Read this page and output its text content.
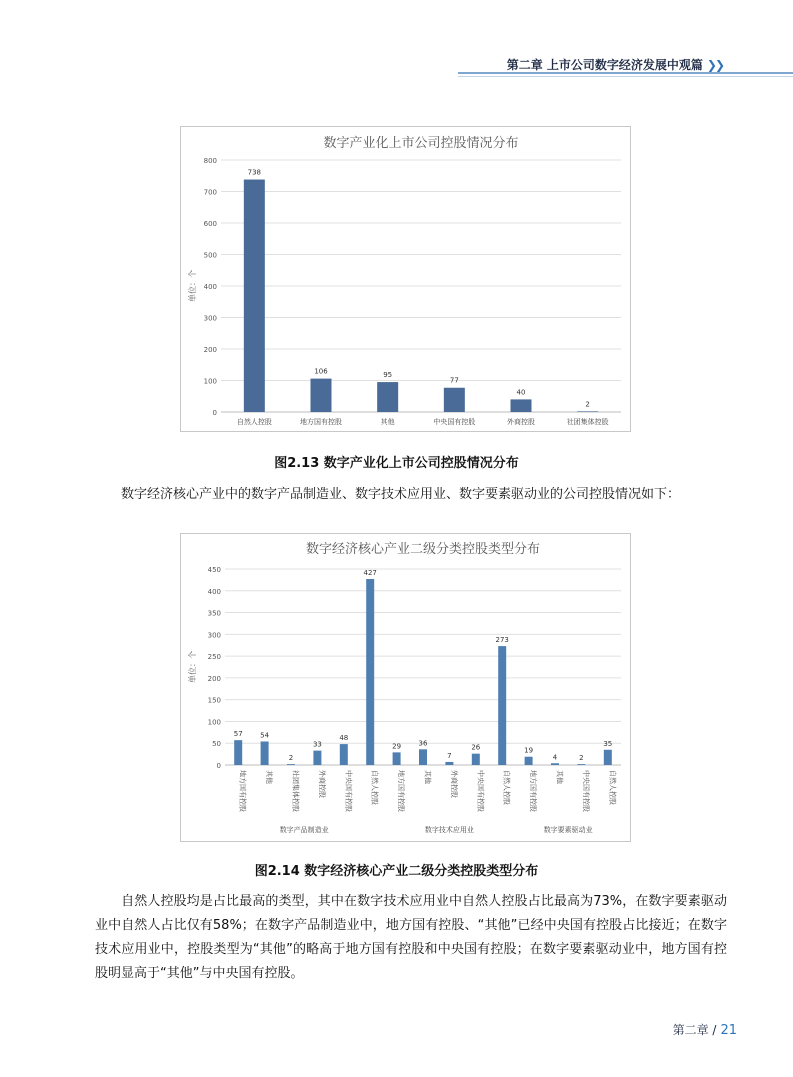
第二章 上市公司数字经济发展中观篇 ❯❯
数字产业化上市公司控股情况分布
0
100
200
300
400
500
600
700
800
单位：个
738
自然人控股
106
地方国有控股
95
其他
77
中央国有控股
40
外商控股
2
社团集体控股
图2.13 数字产业化上市公司控股情况分布

数字经济核心产业中的数字产品制造业、数字技术应用业、数字要素驱动业的公司控股情况如下：

数字经济核心产业二级分类控股类型分布
0
50
100
150
200
250
300
350
400
450
单位：个
57
地方国有控股
54
其他
2
社团集体控股
33
外商控股
48
中央国有控股
427
自然人控股
数字产品制造业
29
地方国有控股
36
其他
7
外商控股
26
中央国有控股
273
自然人控股
数字技术应用业
19
地方国有控股
4
其他
2
中央国有控股
35
自然人控股
数字要素驱动业
图2.14 数字经济核心产业二级分类控股类型分布

自然人控股均是占比最高的类型，其中在数字技术应用业中自然人控股占比最高为73%，在数字要素驱动业中自然人占比仅有58%；在数字产品制造业中，地方国有控股、“其他”已经中央国有控股占比接近；在数字技术应用业中，控股类型为“其他”的略高于地方国有控股和中央国有控股；在数字要素驱动业中，地方国有控股明显高于“其他”与中央国有控股。

第二章 / 21
